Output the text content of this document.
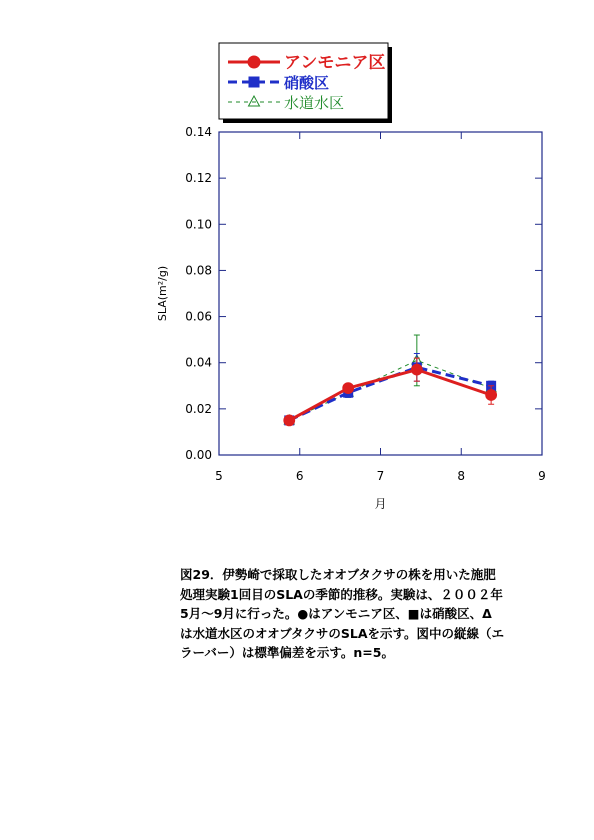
アンモニア区
硝酸区
水道水区
0.00
0.02
0.04
0.06
0.08
0.10
0.12
0.14
5	6	7	8	9
SLA(m²/g)
月
図29．伊勢崎で採取したオオブタクサの株を用いた施肥
処理実験1回目のSLAの季節的推移。実験は、２００２年
5月～9月に行った。●はアンモニア区、■は硝酸区、Δ
は水道水区のオオブタクサのSLAを示す。図中の縦線（エ
ラーバー）は標準偏差を示す。n=5。
